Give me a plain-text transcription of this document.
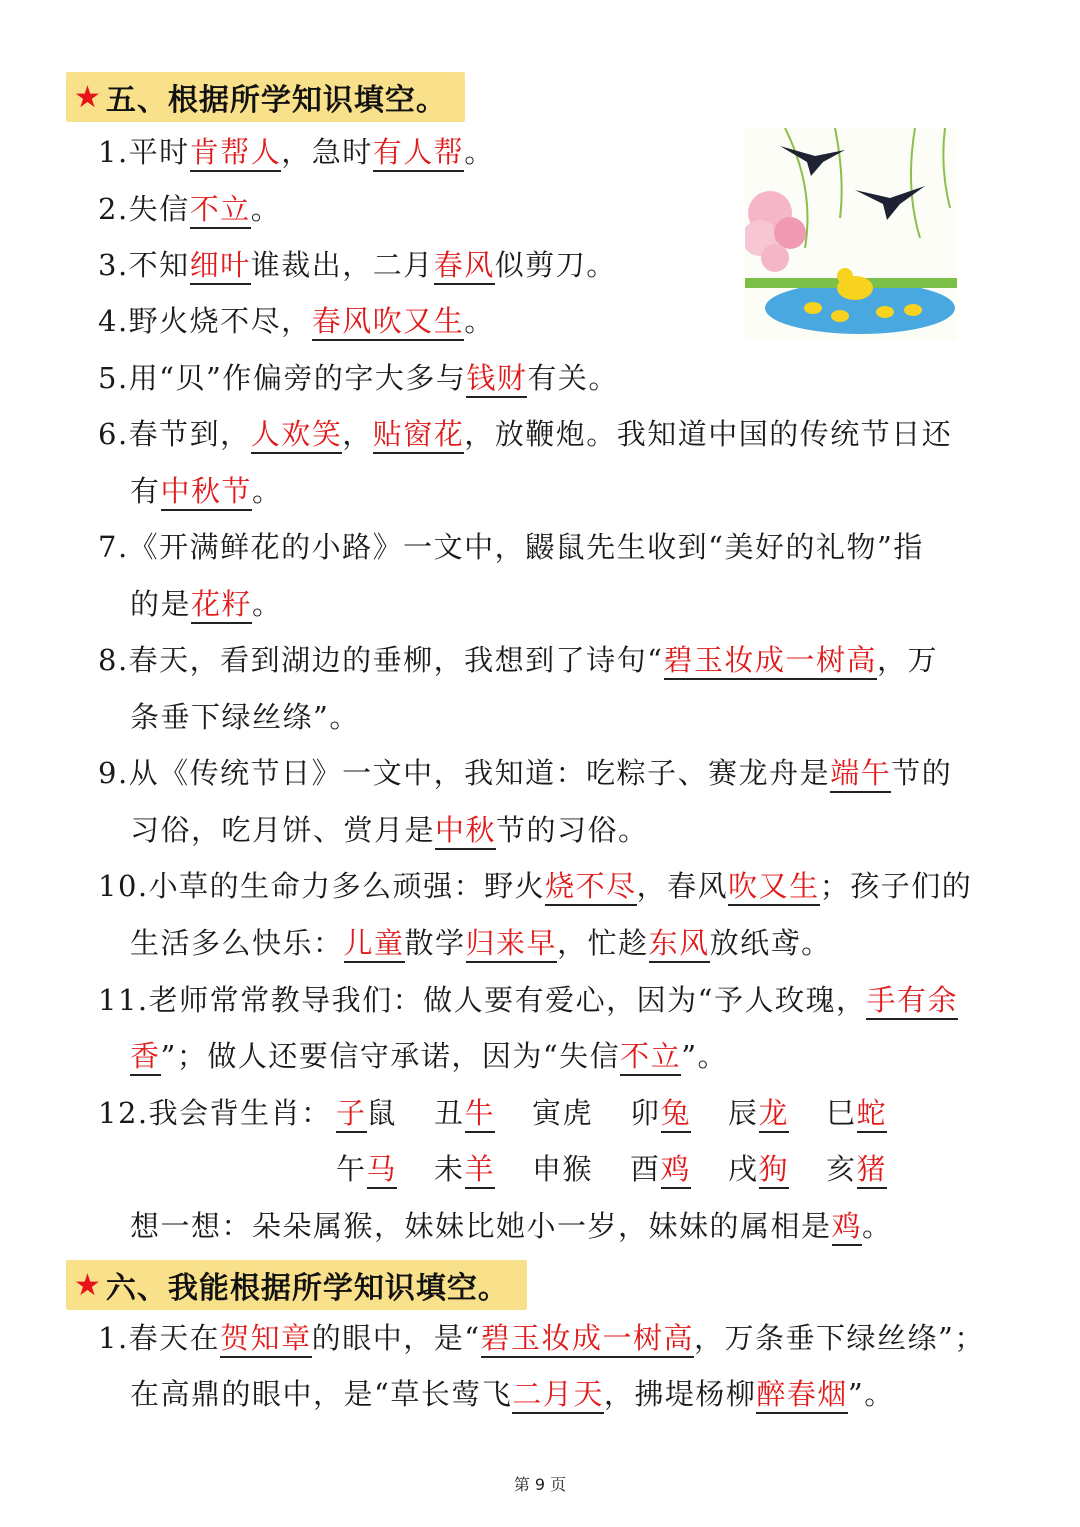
★ 五、根据所学知识填空。
1.平时肯帮人，急时有人帮。
2.失信不立。
3.不知细叶谁裁出，二月春风似剪刀。
4.野火烧不尽，春风吹又生。
5.用“贝”作偏旁的字大多与钱财有关。
6.春节到，人欢笑，贴窗花，放鞭炮。我知道中国的传统节日还
有中秋节。
7.《开满鲜花的小路》一文中，鼹鼠先生收到“美好的礼物”指
的是花籽。
8.春天，看到湖边的垂柳，我想到了诗句“碧玉妆成一树高，万
条垂下绿丝绦”。
9.从《传统节日》一文中，我知道：吃粽子、赛龙舟是端午节的
习俗，吃月饼、赏月是中秋节的习俗。
10.小草的生命力多么顽强：野火烧不尽，春风吹又生；孩子们的
生活多么快乐：儿童散学归来早，忙趁东风放纸鸢。
11.老师常常教导我们：做人要有爱心，因为“予人玫瑰，手有余
香”；做人还要信守承诺，因为“失信不立”。
12.我会背生肖： 子鼠 丑牛 寅虎 卯兔 辰龙 巳蛇
午马 未羊 申猴 酉鸡 戌狗 亥猪
想一想：朵朵属猴，妹妹比她小一岁，妹妹的属相是鸡。
★ 六、我能根据所学知识填空。
1.春天在贺知章的眼中，是“碧玉妆成一树高，万条垂下绿丝绦”；
在高鼎的眼中，是“草长莺飞二月天，拂堤杨柳醉春烟”。
第 9 页
